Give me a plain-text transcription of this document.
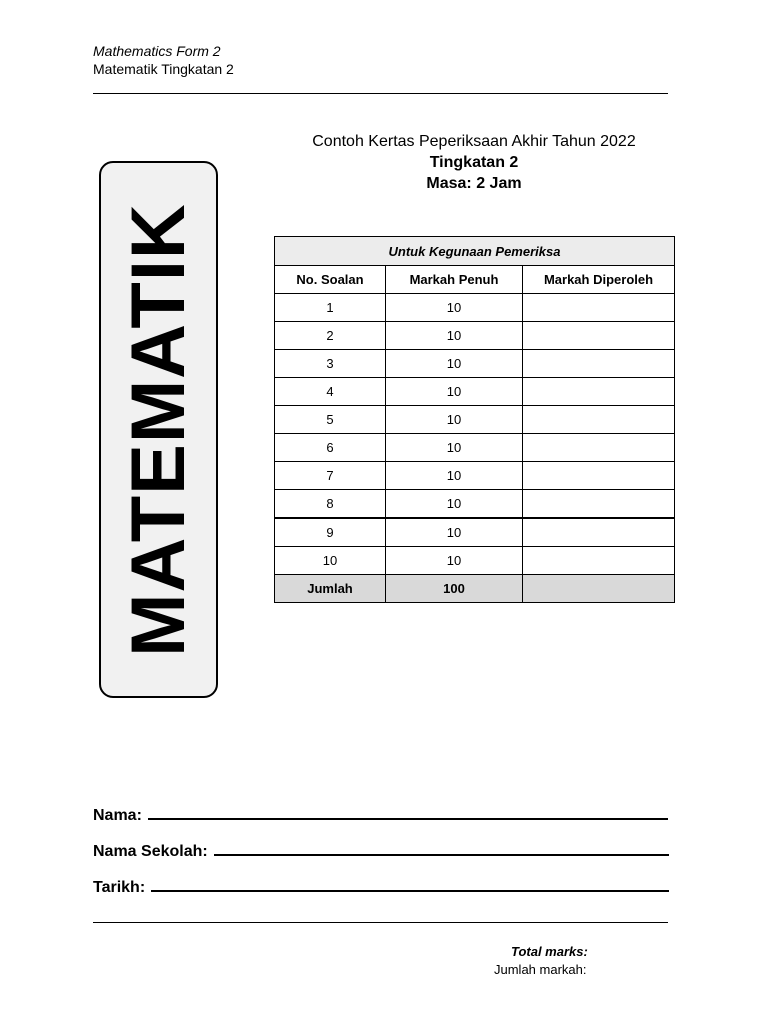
Mathematics Form 2
Matematik Tingkatan 2
Contoh Kertas Peperiksaan Akhir Tahun 2022
Tingkatan 2
Masa: 2 Jam
MATEMATIK	Untuk Kegunaan Pemeriksa		
No. Soalan	Markah Penuh	Markah Diperoleh
1	10	
2	10	
3	10	
4	10	
5	10	
6	10	
7	10	
8	10	
9	10	
10	10	
Jumlah	100	
Nama:
Nama Sekolah:
Tarikh:
Total marks:
Jumlah markah:
